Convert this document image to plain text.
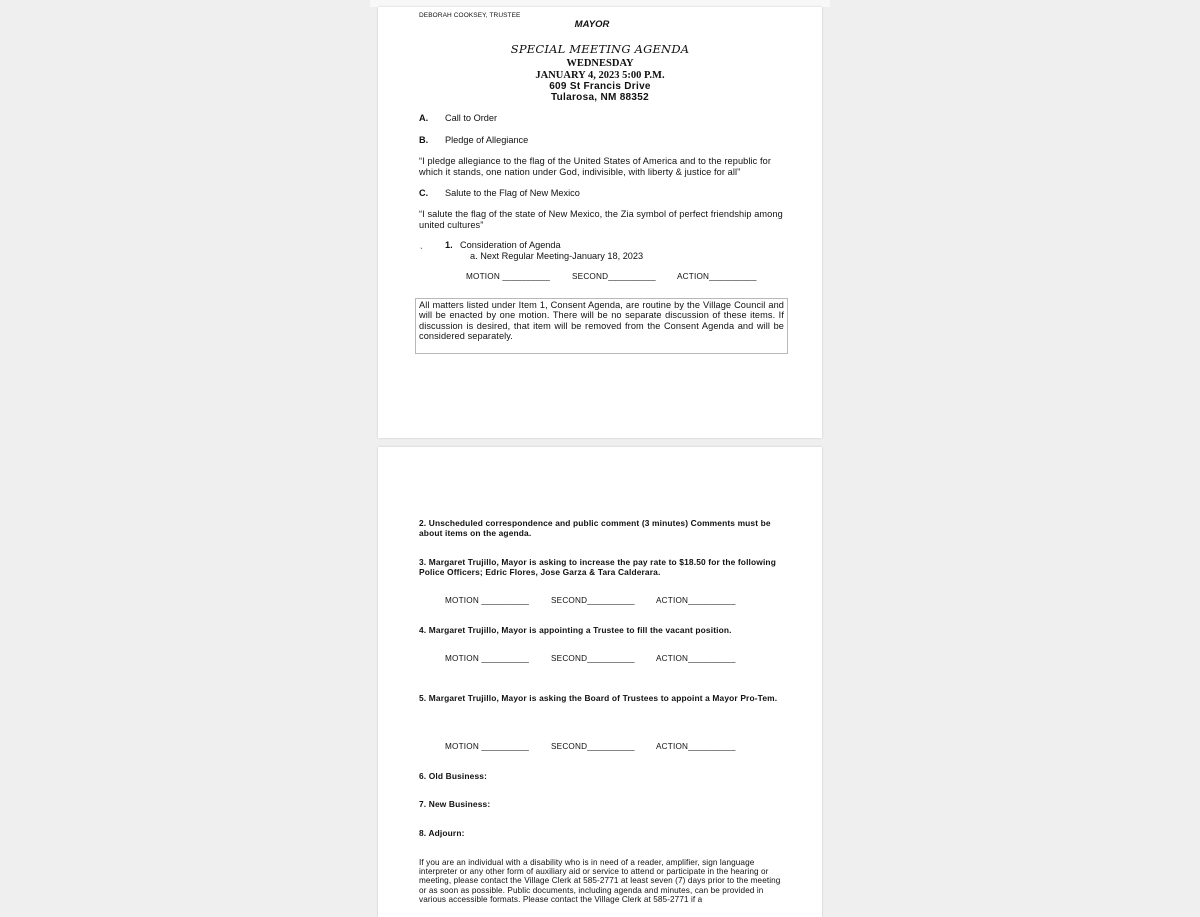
DEBORAH COOKSEY, TRUSTEE
MAYOR
SPECIAL MEETING AGENDA
WEDNESDAY
JANUARY 4, 2023 5:00 P.M.
609 St Francis Drive
Tularosa, NM 88352
A. Call to Order
B. Pledge of Allegiance
“I pledge allegiance to the flag of the United States of America and to the republic for which it stands, one nation under God, indivisible, with liberty & justice for all”
C. Salute to the Flag of New Mexico
“I salute the flag of the state of New Mexico, the Zia symbol of perfect friendship among united cultures”
`
1. Consideration of Agenda
a. Next Regular Meeting-January 18, 2023
MOTION __________	SECOND__________	ACTION__________
All matters listed under Item 1, Consent Agenda, are routine by the Village Council and will be enacted by one motion. There will be no separate discussion of these items. If discussion is desired, that item will be removed from the Consent Agenda and will be considered separately.
2. Unscheduled correspondence and public comment (3 minutes) Comments must be about items on the agenda.
3. Margaret Trujillo, Mayor is asking to increase the pay rate to $18.50 for the following Police Officers; Edric Flores, Jose Garza & Tara Calderara.
MOTION __________	SECOND__________	ACTION__________
4. Margaret Trujillo, Mayor is appointing a Trustee to fill the vacant position.
MOTION __________	SECOND__________	ACTION__________
5. Margaret Trujillo, Mayor is asking the Board of Trustees to appoint a Mayor Pro-Tem.
MOTION __________	SECOND__________	ACTION__________
6. Old Business:
7. New Business:
8. Adjourn:
If you are an individual with a disability who is in need of a reader, amplifier, sign language interpreter or any other form of auxiliary aid or service to attend or participate in the hearing or meeting, please contact the Village Clerk at 585-2771 at least seven (7) days prior to the meeting or as soon as possible. Public documents, including agenda and minutes, can be provided in various accessible formats. Please contact the Village Clerk at 585-2771 if a
